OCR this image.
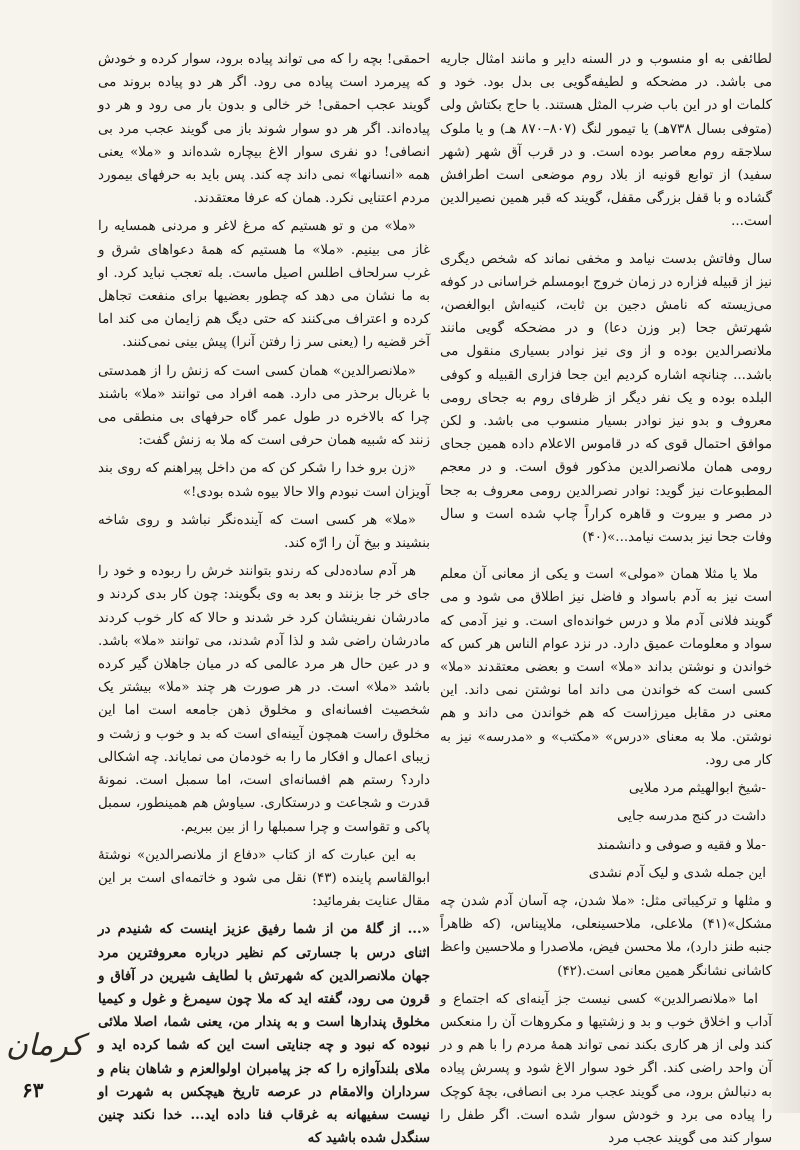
لطائفی به او منسوب و در السنه دایر و مانند امثال جاریه می باشد. در مضحکه و لطیفه‌گویی بی بدل بود. خود و کلمات او در این باب ضرب المثل هستند. با حاج بکتاش ولی (متوفی بسال ۷۳۸هـ) یا تیمور لنگ (۸۰۷–۸۷۰ هـ) و یا ملوک سلاجقه روم معاصر بوده است. و در قرب آق شهر (شهر سفید) از توابع قونیه از بلاد روم موضعی است اطرافش گشاده و با قفل بزرگی مقفل، گویند که قبر همین نصیرالدین است...

سال وفاتش بدست نیامد و مخفی نماند که شخص دیگری نیز از قبیله فزاره در زمان خروج ابومسلم خراسانی در کوفه می‌زیسته که نامش دجین بن ثابت، کنیه‌اش ابوالغصن، شهرتش جحا (بر وزن دعا) و در مضحکه گویی مانند ملانصرالدین بوده و از وی نیز نوادر بسیاری منقول می باشد... چنانچه اشاره کردیم این جحا فزاری القبیله و کوفی البلده بوده و یک نفر دیگر از ظرفای روم به جحای رومی معروف و بدو نیز نوادر بسیار منسوب می باشد. و لکن موافق احتمال قوی که در قاموس الاعلام داده همین جحای رومی همان ملانصرالدین مذکور فوق است. و در معجم المطبوعات نیز گوید: نوادر نصرالدین رومی معروف به جحا در مصر و بیروت و قاهره کراراً چاپ شده است و سال وفات جحا نیز بدست نیامد...»(۴۰)

ملا یا مثلا همان «مولی» است و یکی از معانی آن معلم است نیز به آدم باسواد و فاضل نیز اطلاق می شود و می گویند فلانی آدم ملا و درس خوانده‌ای است. و نیز آدمی که سواد و معلومات عمیق دارد. در نزد عوام الناس هر کس که خواندن و نوشتن بداند «ملا» است و بعضی معتقدند «ملا» کسی است که خواندن می داند اما نوشتن نمی داند. این معنی در مقابل میرزاست که هم خواندن می داند و هم نوشتن. ملا به معنای «درس» «مکتب» و «مدرسه» نیز به کار می رود.

-شیخ ابوالهیثم مرد ملایی

داشت در کنج مدرسه جایی

-ملا و فقیه و صوفی و دانشمند

این جمله شدی و لیک آدم نشدی

و مثلها و ترکیباتی مثل: «ملا شدن، چه آسان آدم شدن چه مشکل»(۴۱) ملاعلی، ملاحسینعلی، ملاپیناس، (که ظاهراً جنبه طنز دارد)، ملا محسن فیض، ملاصدرا و ملاحسین واعظ کاشانی نشانگر همین معانی است.(۴۲)

اما «ملانصرالدین» کسی نیست جز آینه‌ای که اجتماع و آداب و اخلاق خوب و بد و زشتیها و مکروهات آن را منعکس کند ولی از هر کاری بکند نمی تواند همهٔ مردم را با هم و در آن واحد راضی کند. اگر خود سوار الاغ شود و پسرش پیاده به دنبالش برود، می گویند عجب مرد بی انصافی، بچهٔ کوچک را پیاده می برد و خودش سوار شده است. اگر طفل را سوار کند می گویند عجب مرد

احمقی! بچه را که می تواند پیاده برود، سوار کرده و خودش که پیرمرد است پیاده می رود. اگر هر دو پیاده بروند می گویند عجب احمقی! خر خالی و بدون بار می رود و هر دو پیاده‌اند. اگر هر دو سوار شوند باز می گویند عجب مرد بی انصافی! دو نفری سوار الاغ بیچاره شده‌اند و «ملا» یعنی همه «انسانها» نمی داند چه کند. پس باید به حرفهای بیمورد مردم اعتنایی نکرد. همان که عرفا معتقدند.

«ملا» من و تو هستیم که مرغ لاغر و مردنی همسایه را غاز می بینیم. «ملا» ما هستیم که همهٔ دعواهای شرق و غرب سرلحاف اطلس اصیل ماست. بله تعجب نباید کرد. او به ما نشان می دهد که چطور بعضیها برای منفعت تجاهل کرده و اعتراف می‌کنند که حتی دیگ هم زایمان می کند اما آخر قضیه را (یعنی سر زا رفتن آنرا) پیش بینی نمی‌کنند.

«ملانصرالدین» همان کسی است که زنش را از همدستی با غربال برحذر می دارد. همه افراد می توانند «ملا» باشند چرا که بالاخره در طول عمر گاه حرفهای بی منطقی می زنند که شبیه همان حرفی است که ملا به زنش گفت:

«زن برو خدا را شکر کن که من داخل پیراهنم که روی بند آویزان است نبودم والا حالا بیوه شده بودی!»

«ملا» هر کسی است که آینده‌نگر نباشد و روی شاخه بنشیند و بیخ آن را ارّه کند.

هر آدم ساده‌دلی که رندو بتوانند خرش را ربوده و خود را جای خر جا بزنند و بعد به وی بگویند: چون کار بدی کردند و مادرشان نفرینشان کرد خر شدند و حالا که کار خوب کردند مادرشان راضی شد و لذا آدم شدند، می توانند «ملا» باشد. و در عین حال هر مرد عالمی که در میان جاهلان گیر کرده باشد «ملا» است. در هر صورت هر چند «ملا» بیشتر یک شخصیت افسانه‌ای و مخلوق ذهن جامعه است اما این مخلوق راست همچون آیینه‌ای است که بد و خوب و زشت و زیبای اعمال و افکار ما را به خودمان می نمایاند. چه اشکالی دارد؟ رستم هم افسانه‌ای است، اما سمبل است. نمونهٔ قدرت و شجاعت و درستکاری. سیاوش هم همینطور، سمبل پاکی و تقواست و چرا سمبلها را از بین ببریم.

به این عبارت که از کتاب «دفاع از ملانصرالدین» نوشتهٔ ابوالقاسم پاینده (۴۳) نقل می شود و خاتمه‌ای است بر این مقال عنایت بفرمائید:

«... از گلهٔ من از شما رفیق عزیز اینست که شنیدم در اثنای درس با جسارتی کم نظیر درباره معروفترین مرد جهان ملانصرالدین که شهرتش با لطایف شیرین در آفاق و قرون می رود، گفته اید که ملا چون سیمرغ و غول و کیمیا مخلوق پندارها است و به پندار من، یعنی شما، اصلا ملائی نبوده که نبود و چه جنایتی است این که شما کرده اید و ملای بلندآوازه را که جز پیامبران اولوالعزم و شاهان بنام و سرداران والامقام در عرصه تاریخ هیچکس به شهرت او نیست سفیهانه به غرقاب فنا داده اید... خدا نکند چنین سنگدل شده باشید که

کرمان
۶۳
